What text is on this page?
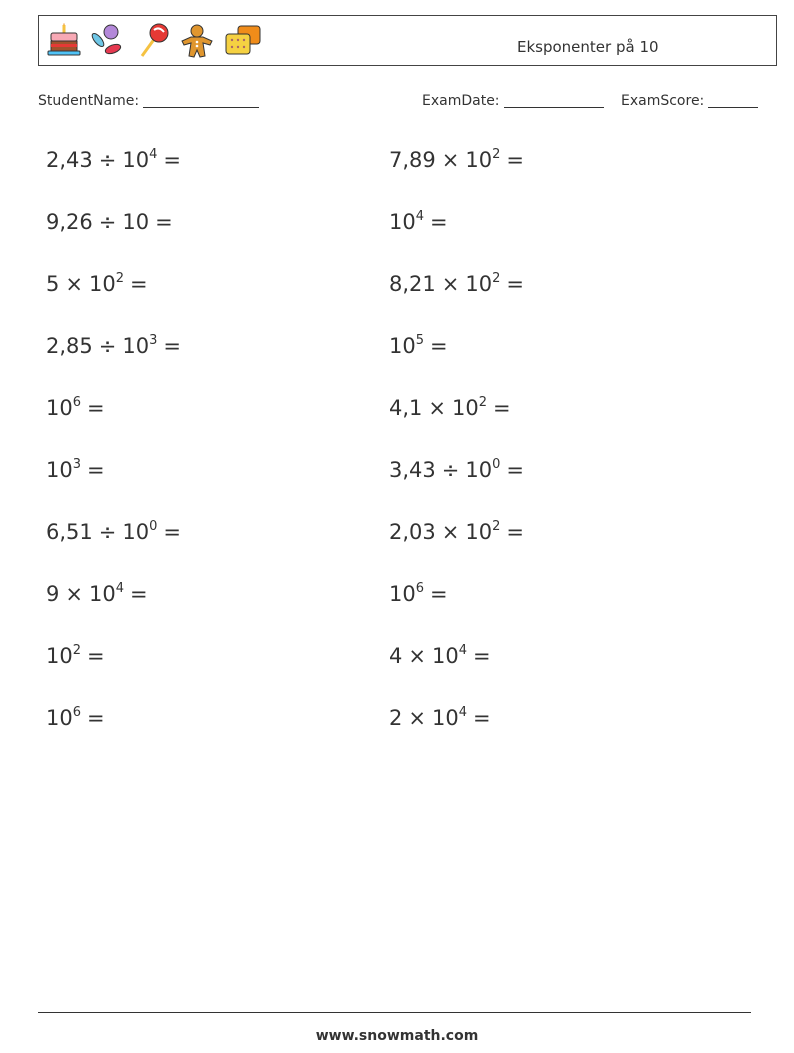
Eksponenter på 10
StudentName:	ExamDate:	ExamScore:
$2,43 \div 10^4$ =	$7,89 \times 10^2$ =
9,26 ÷ 10 =	$10^4$ =
$5 \times 10^2$ =	$8,21 \times 10^2$ =
$2,85 \div 10^3$ =	$10^5$ =
$10^6$ =	$4,1 \times 10^2$ =
$10^3$ =	$3,43 \div 10^0$ =
$6,51 \div 10^0$ =	$2,03 \times 10^2$ =
$9 \times 10^4$ =	$10^6$ =
$10^2$ =	$4 \times 10^4$ =
$10^6$ =	$2 \times 10^4$ =
www.snowmath.com
